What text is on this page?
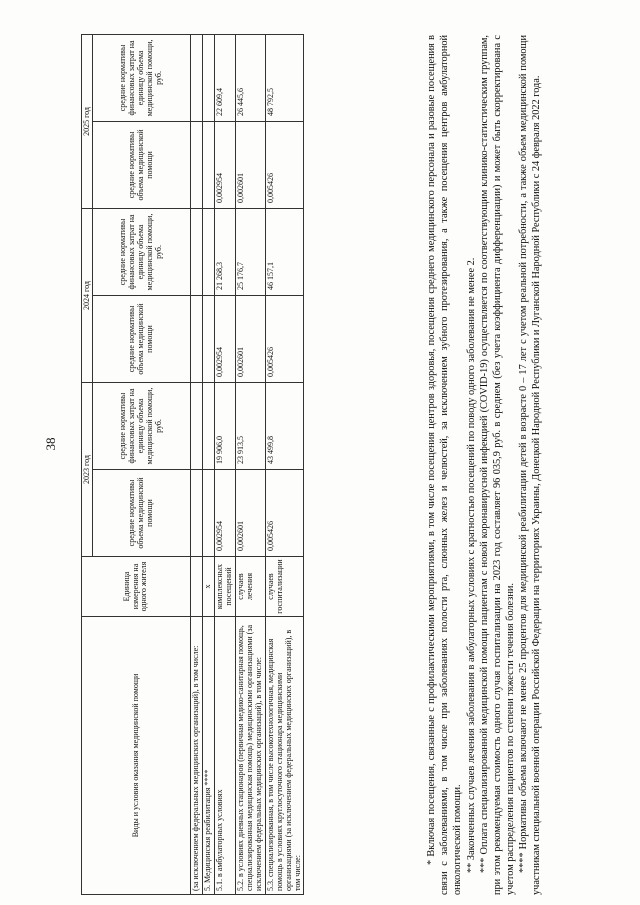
38
Виды и условия оказания медицинской помощи	Единица измерения на одного жителя	2023 год		2024 год		2025 год	
		средние нормативы объема медицинской помощи	средние нормативы финансовых затрат на единицу объема медицинской помощи, руб.	средние нормативы объема медицинской помощи	средние нормативы финансовых затрат на единицу объема медицинской помощи, руб.	средние нормативы объема медицинской помощи	средние нормативы финансовых затрат на единицу объема медицинской помощи, руб.
(за исключением федеральных медицинских организаций), в том числе:							
5. Медицинская реабилитация ****	х						
5.1. в амбулаторных условиях	комплексных посещений	0,002954	19 906,0	0,002954	21 268,3	0,002954	22 609,4
5.2. в условиях дневных стационаров (первичная медико-санитарная помощь, специализированная медицинская помощь) медицинскими организациями (за исключением федеральных медицинских организаций), в том числе:	случаев лечения	0,002601	23 913,5	0,002601	25 176,7	0,002601	26 445,6
5.3. специализированная, в том числе высокотехнологичная, медицинская помощь в условиях круглосуточного стационара медицинскими организациями (за исключением федеральных медицинских организаций), в том числе:	случаев госпитализации	0,005426	43 499,8	0,005426	46 157,1	0,005426	48 792,5	* Включая посещения, связанные с профилактическими мероприятиями, в том числе посещения центров здоровья, посещения среднего медицинского персонала и разовые посещения в связи с заболеваниями, в том числе при заболеваниях полости рта, слюнных желез и челюстей, за исключением зубного протезирования, а также посещения центров амбулаторной онкологической помощи. ** Законченных случаев лечения заболевания в амбулаторных условиях с кратностью посещений по поводу одного заболевания не менее 2. *** Оплата специализированной медицинской помощи пациентам с новой коронавирусной инфекцией (COVID-19) осуществляется по соответствующим клинико-статистическим группам, при этом рекомендуемая стоимость одного случая госпитализации на 2023 год составляет 96 035,9 руб. в среднем (без учета коэффициента дифференциации) и может быть скорректирована с учетом распределения пациентов по степени тяжести течения болезни. **** Нормативы объема включают не менее 25 процентов для медицинской реабилитации детей в возрасте 0 – 17 лет с учетом реальной потребности, а также объем медицинской помощи участникам специальной военной операции Российской Федерации на территориях Украины, Донецкой Народной Республики и Луганской Народной Республики с 24 февраля 2022 года.
